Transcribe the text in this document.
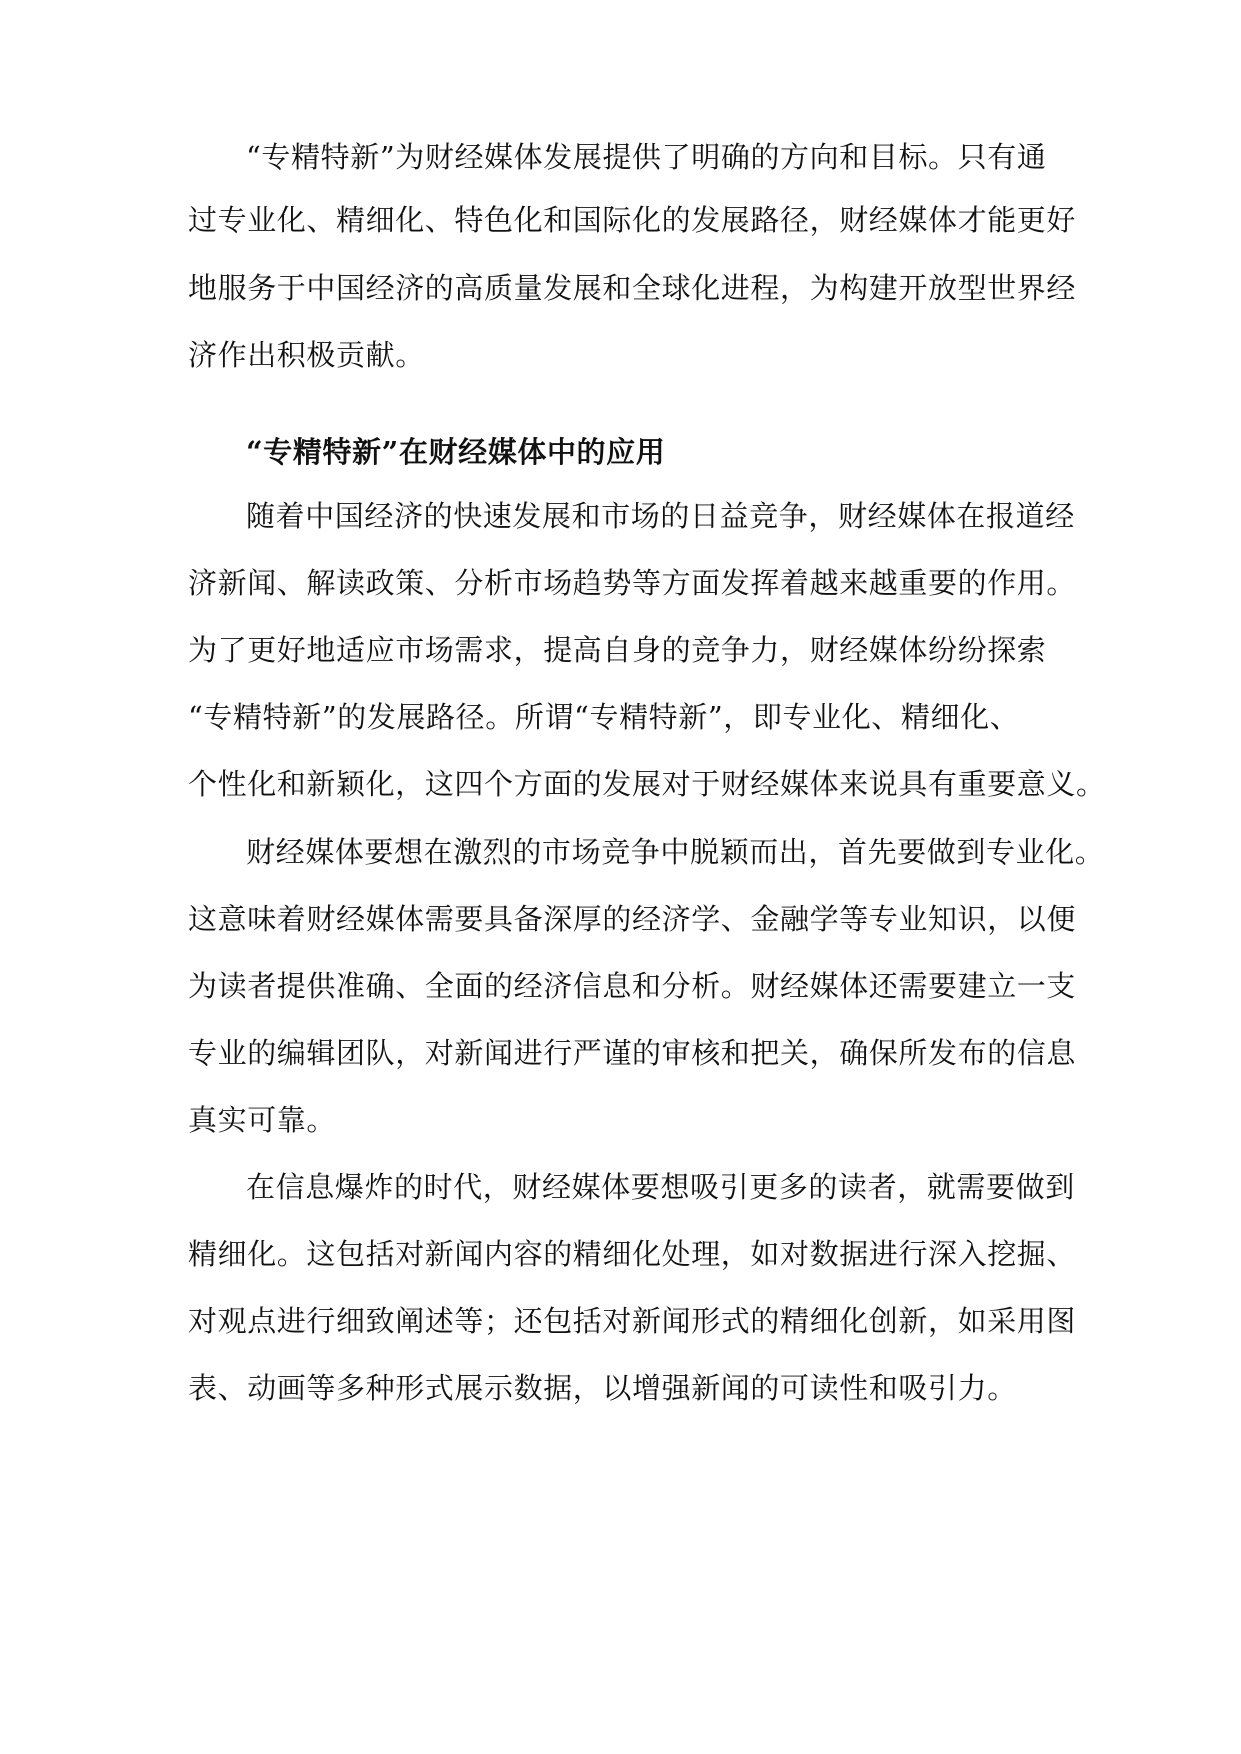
“专精特新”为财经媒体发展提供了明确的方向和目标。只有通
过专业化、精细化、特色化和国际化的发展路径，财经媒体才能更好
地服务于中国经济的高质量发展和全球化进程，为构建开放型世界经
济作出积极贡献。
“专精特新”在财经媒体中的应用
随着中国经济的快速发展和市场的日益竞争，财经媒体在报道经
济新闻、解读政策、分析市场趋势等方面发挥着越来越重要的作用。
为了更好地适应市场需求，提高自身的竞争力，财经媒体纷纷探索
“专精特新”的发展路径。所谓“专精特新”，即专业化、精细化、
个性化和新颖化，这四个方面的发展对于财经媒体来说具有重要意义。
财经媒体要想在激烈的市场竞争中脱颖而出，首先要做到专业化。
这意味着财经媒体需要具备深厚的经济学、金融学等专业知识，以便
为读者提供准确、全面的经济信息和分析。财经媒体还需要建立一支
专业的编辑团队，对新闻进行严谨的审核和把关，确保所发布的信息
真实可靠。
在信息爆炸的时代，财经媒体要想吸引更多的读者，就需要做到
精细化。这包括对新闻内容的精细化处理，如对数据进行深入挖掘、
对观点进行细致阐述等；还包括对新闻形式的精细化创新，如采用图
表、动画等多种形式展示数据，以增强新闻的可读性和吸引力。
